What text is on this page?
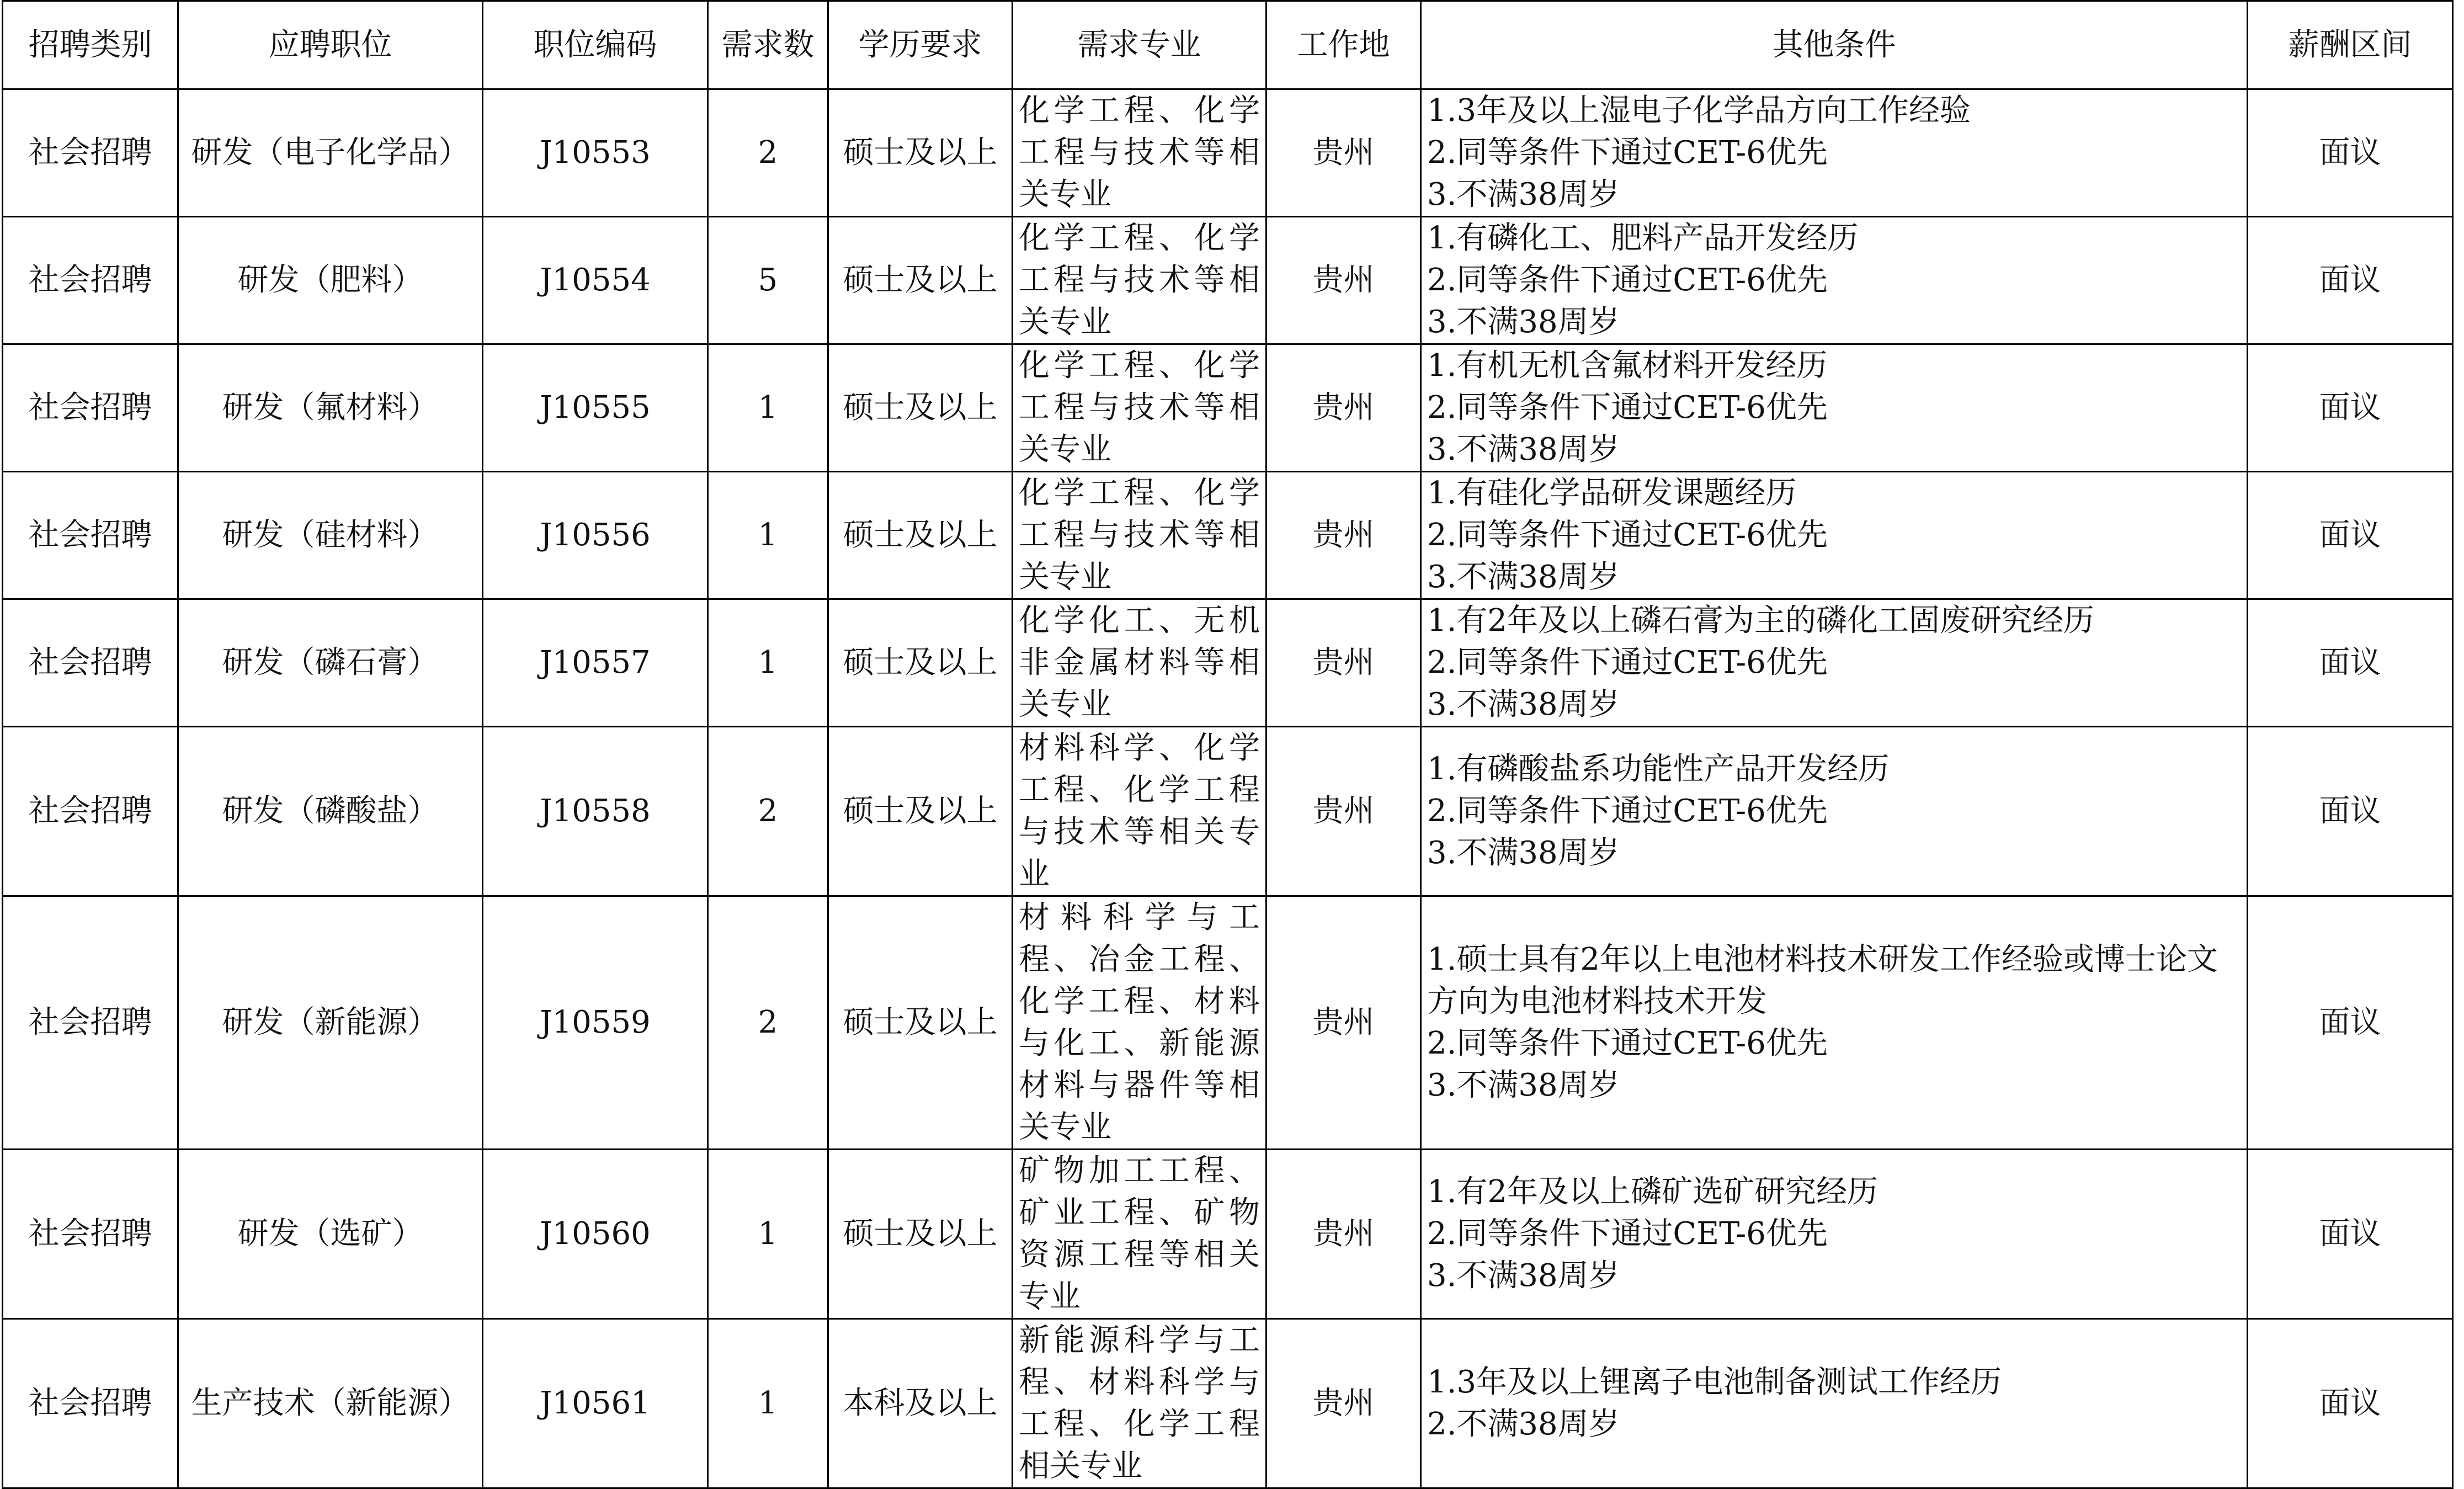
招聘类别	应聘职位	职位编码	需求数	学历要求	需求专业	工作地	其他条件	薪酬区间
社会招聘	研发（电子化学品）	J10553	2	硕士及以上	化学工程、化学工程与技术等相关专业	贵州	1.3年及以上湿电子化学品方向工作经验
2.同等条件下通过CET-6优先
3.不满38周岁	面议
社会招聘	研发（肥料）	J10554	5	硕士及以上	化学工程、化学工程与技术等相关专业	贵州	1.有磷化工、肥料产品开发经历
2.同等条件下通过CET-6优先
3.不满38周岁	面议
社会招聘	研发（氟材料）	J10555	1	硕士及以上	化学工程、化学工程与技术等相关专业	贵州	1.有机无机含氟材料开发经历
2.同等条件下通过CET-6优先
3.不满38周岁	面议
社会招聘	研发（硅材料）	J10556	1	硕士及以上	化学工程、化学工程与技术等相关专业	贵州	1.有硅化学品研发课题经历
2.同等条件下通过CET-6优先
3.不满38周岁	面议
社会招聘	研发（磷石膏）	J10557	1	硕士及以上	化学化工、无机非金属材料等相关专业	贵州	1.有2年及以上磷石膏为主的磷化工固废研究经历
2.同等条件下通过CET-6优先
3.不满38周岁	面议
社会招聘	研发（磷酸盐）	J10558	2	硕士及以上	材料科学、化学工程、化学工程与技术等相关专业	贵州	1.有磷酸盐系功能性产品开发经历
2.同等条件下通过CET-6优先
3.不满38周岁	面议
社会招聘	研发（新能源）	J10559	2	硕士及以上	材料科学与工程、冶金工程、化学工程、材料与化工、新能源材料与器件等相关专业	贵州	1.硕士具有2年以上电池材料技术研发工作经验或博士论文方向为电池材料技术开发
2.同等条件下通过CET-6优先
3.不满38周岁	面议
社会招聘	研发（选矿）	J10560	1	硕士及以上	矿物加工工程、矿业工程、矿物资源工程等相关专业	贵州	1.有2年及以上磷矿选矿研究经历
2.同等条件下通过CET-6优先
3.不满38周岁	面议
社会招聘	生产技术（新能源）	J10561	1	本科及以上	新能源科学与工程、材料科学与工程、化学工程相关专业	贵州	1.3年及以上锂离子电池制备测试工作经历
2.不满38周岁	面议
